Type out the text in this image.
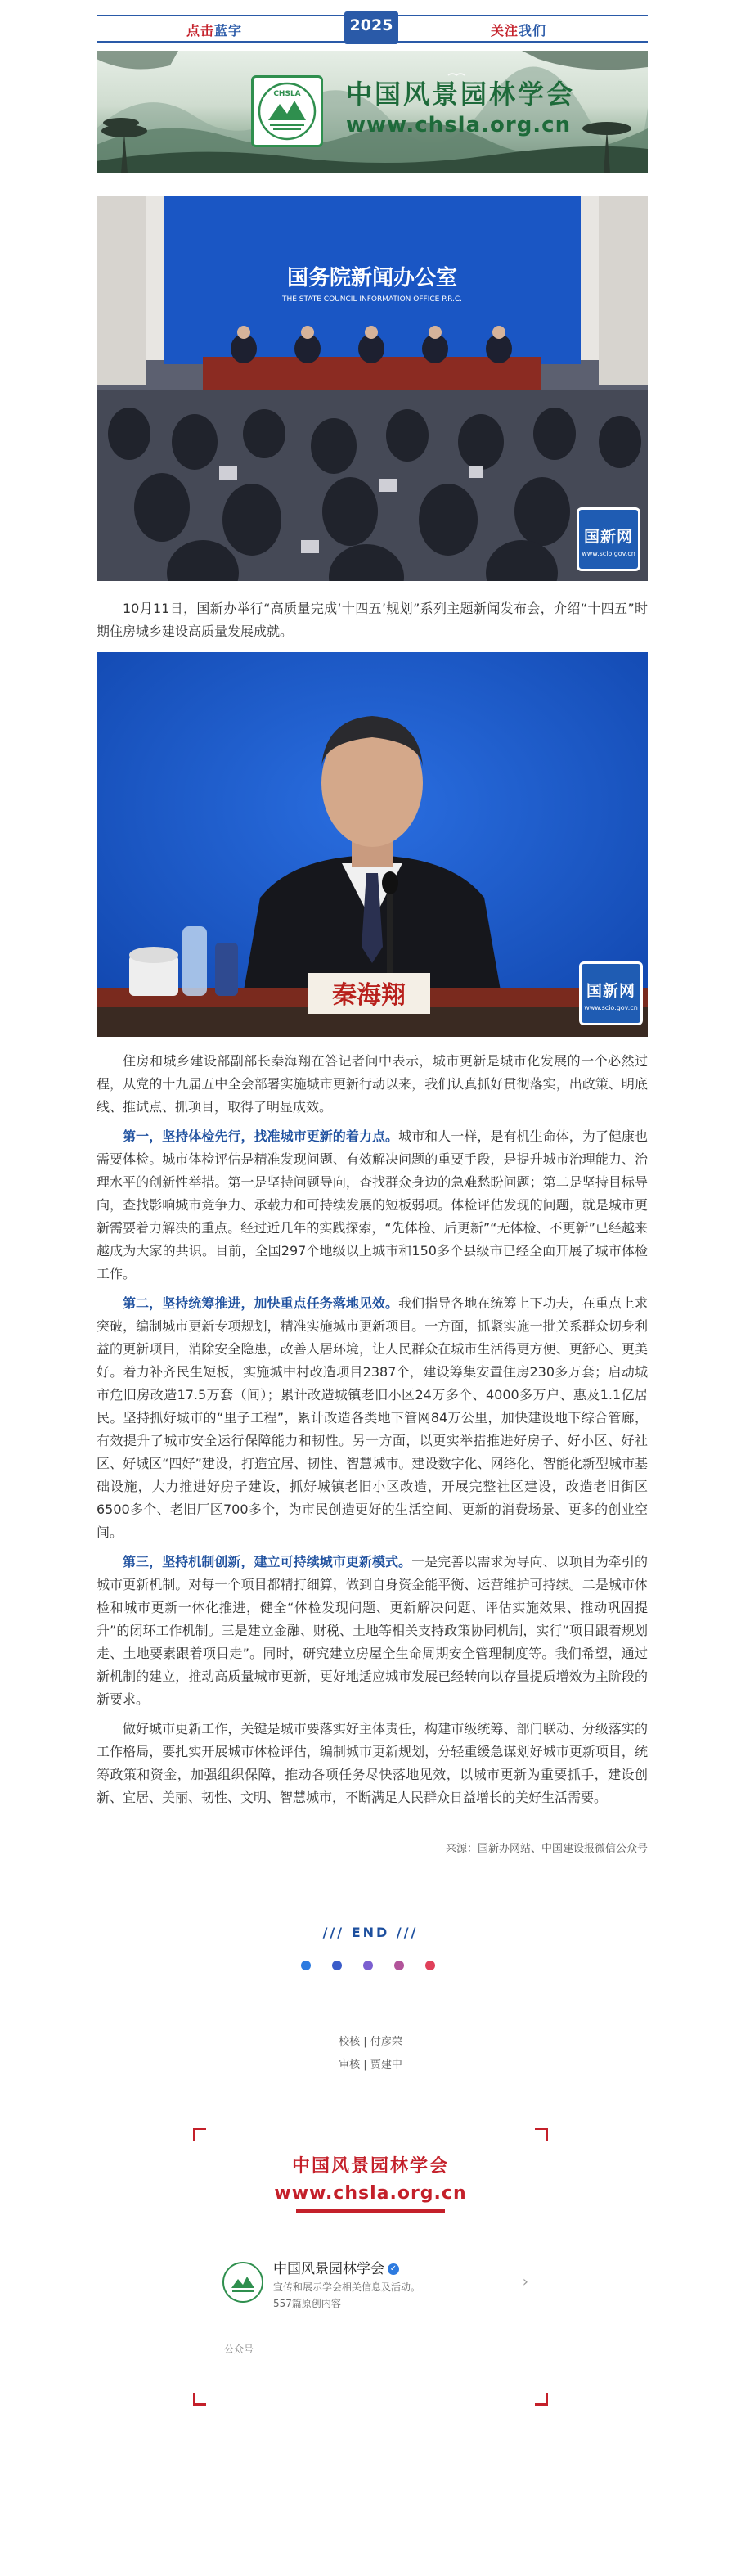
点击蓝字	2025	关注我们
CHSLA 中国风景园林学会
www.chsla.org.cn
国务院新闻办公室
THE STATE COUNCIL INFORMATION OFFICE P.R.C.
国新网
www.scio.gov.cn

10月11日，国新办举行“高质量完成‘十四五’规划”系列主题新闻发布会，介绍“十四五”时期住房城乡建设高质量发展成就。

秦海翔	国新网
www.scio.gov.cn

住房和城乡建设部副部长秦海翔在答记者问中表示，城市更新是城市化发展的一个必然过程，从党的十九届五中全会部署实施城市更新行动以来，我们认真抓好贯彻落实，出政策、明底线、推试点、抓项目，取得了明显成效。

第一，坚持体检先行，找准城市更新的着力点。城市和人一样，是有机生命体，为了健康也需要体检。城市体检评估是精准发现问题、有效解决问题的重要手段，是提升城市治理能力、治理水平的创新性举措。第一是坚持问题导向，查找群众身边的急难愁盼问题；第二是坚持目标导向，查找影响城市竞争力、承载力和可持续发展的短板弱项。体检评估发现的问题，就是城市更新需要着力解决的重点。经过近几年的实践探索，“先体检、后更新”“无体检、不更新”已经越来越成为大家的共识。目前，全国297个地级以上城市和150多个县级市已经全面开展了城市体检工作。

第二，坚持统筹推进，加快重点任务落地见效。我们指导各地在统筹上下功夫，在重点上求突破，编制城市更新专项规划，精准实施城市更新项目。一方面，抓紧实施一批关系群众切身利益的更新项目，消除安全隐患，改善人居环境，让人民群众在城市生活得更方便、更舒心、更美好。着力补齐民生短板，实施城中村改造项目2387个，建设筹集安置住房230多万套；启动城市危旧房改造17.5万套（间）；累计改造城镇老旧小区24万多个、4000多万户、惠及1.1亿居民。坚持抓好城市的“里子工程”，累计改造各类地下管网84万公里，加快建设地下综合管廊，有效提升了城市安全运行保障能力和韧性。另一方面，以更实举措推进好房子、好小区、好社区、好城区“四好”建设，打造宜居、韧性、智慧城市。建设数字化、网络化、智能化新型城市基础设施，大力推进好房子建设，抓好城镇老旧小区改造，开展完整社区建设，改造老旧街区6500多个、老旧厂区700多个，为市民创造更好的生活空间、更新的消费场景、更多的创业空间。

第三，坚持机制创新，建立可持续城市更新模式。一是完善以需求为导向、以项目为牵引的城市更新机制。对每一个项目都精打细算，做到自身资金能平衡、运营维护可持续。二是城市体检和城市更新一体化推进，健全“体检发现问题、更新解决问题、评估实施效果、推动巩固提升”的闭环工作机制。三是建立金融、财税、土地等相关支持政策协同机制，实行“项目跟着规划走、土地要素跟着项目走”。同时，研究建立房屋全生命周期安全管理制度等。我们希望，通过新机制的建立，推动高质量城市更新，更好地适应城市发展已经转向以存量提质增效为主阶段的新要求。

做好城市更新工作，关键是城市要落实好主体责任，构建市级统筹、部门联动、分级落实的工作格局，要扎实开展城市体检评估，编制城市更新规划，分轻重缓急谋划好城市更新项目，统筹政策和资金，加强组织保障，推动各项任务尽快落地见效，以城市更新为重要抓手，建设创新、宜居、美丽、韧性、文明、智慧城市，不断满足人民群众日益增长的美好生活需要。

来源：国新办网站、中国建设报微信公众号
/// END ///
校核 | 付彦荣
审核 | 贾建中
中国风景园林学会
www.chsla.org.cn
中国风景园林学会 ✓
宣传和展示学会相关信息及活动。
557篇原创内容
›
公众号
